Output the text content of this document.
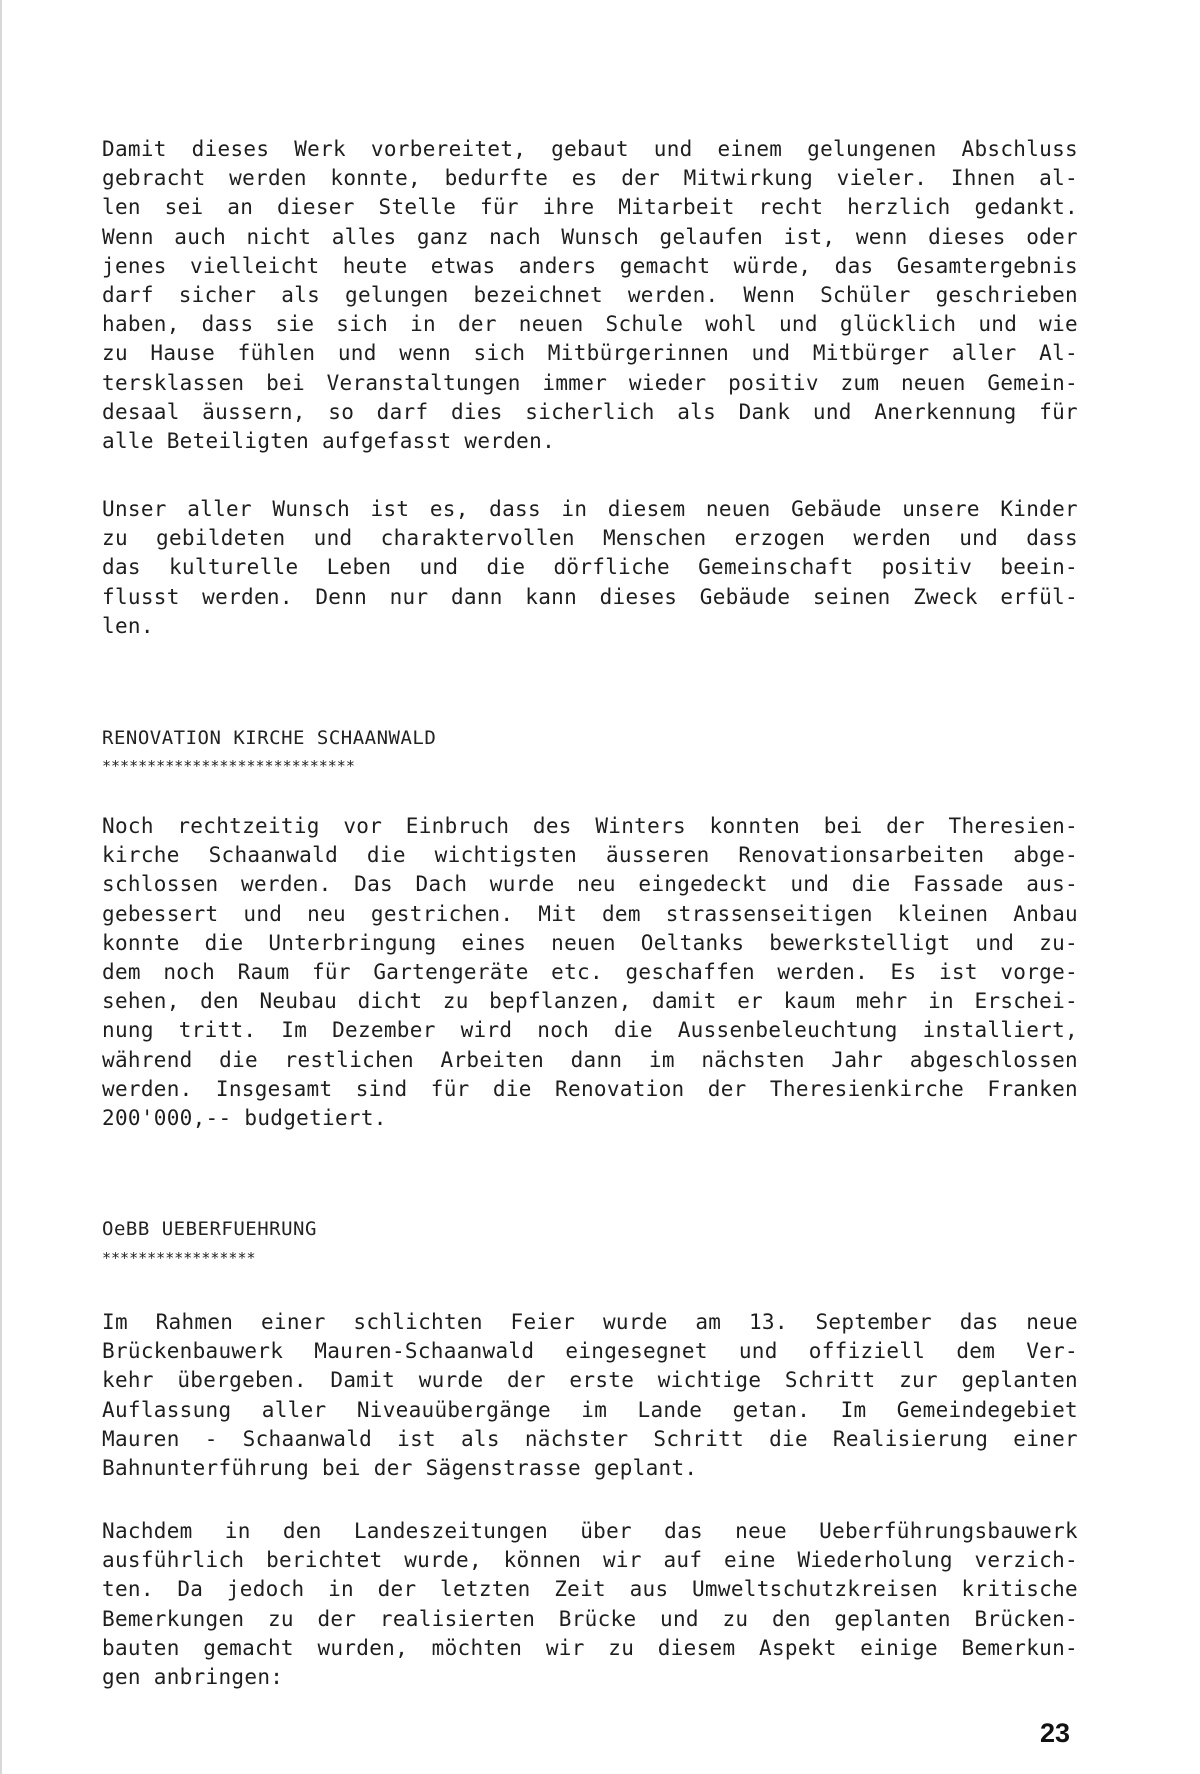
Damit dieses Werk vorbereitet, gebaut und einem gelungenen Abschluss
gebracht werden konnte, bedurfte es der Mitwirkung vieler. Ihnen al-
len sei an dieser Stelle für ihre Mitarbeit recht herzlich gedankt.
Wenn auch nicht alles ganz nach Wunsch gelaufen ist, wenn dieses oder
jenes vielleicht heute etwas anders gemacht würde, das Gesamtergebnis
darf sicher als gelungen bezeichnet werden. Wenn Schüler geschrieben
haben, dass sie sich in der neuen Schule wohl und glücklich und wie
zu Hause fühlen und wenn sich Mitbürgerinnen und Mitbürger aller Al-
tersklassen bei Veranstaltungen immer wieder positiv zum neuen Gemein-
desaal äussern, so darf dies sicherlich als Dank und Anerkennung für
alle Beteiligten aufgefasst werden.
Unser aller Wunsch ist es, dass in diesem neuen Gebäude unsere Kinder
zu gebildeten und charaktervollen Menschen erzogen werden und dass
das kulturelle Leben und die dörfliche Gemeinschaft positiv beein-
flusst werden. Denn nur dann kann dieses Gebäude seinen Zweck erfül-
len.
RENOVATION KIRCHE SCHAANWALD
****************************
Noch rechtzeitig vor Einbruch des Winters konnten bei der Theresien-
kirche Schaanwald die wichtigsten äusseren Renovationsarbeiten abge-
schlossen werden. Das Dach wurde neu eingedeckt und die Fassade aus-
gebessert und neu gestrichen. Mit dem strassenseitigen kleinen Anbau
konnte die Unterbringung eines neuen Oeltanks bewerkstelligt und zu-
dem noch Raum für Gartengeräte etc. geschaffen werden. Es ist vorge-
sehen, den Neubau dicht zu bepflanzen, damit er kaum mehr in Erschei-
nung tritt. Im Dezember wird noch die Aussenbeleuchtung installiert,
während die restlichen Arbeiten dann im nächsten Jahr abgeschlossen
werden. Insgesamt sind für die Renovation der Theresienkirche Franken
200'000,-- budgetiert.
OeBB UEBERFUEHRUNG
*****************
Im Rahmen einer schlichten Feier wurde am 13. September das neue
Brückenbauwerk Mauren-Schaanwald eingesegnet und offiziell dem Ver-
kehr übergeben. Damit wurde der erste wichtige Schritt zur geplanten
Auflassung aller Niveauübergänge im Lande getan. Im Gemeindegebiet
Mauren - Schaanwald ist als nächster Schritt die Realisierung einer
Bahnunterführung bei der Sägenstrasse geplant.
Nachdem in den Landeszeitungen über das neue Ueberführungsbauwerk
ausführlich berichtet wurde, können wir auf eine Wiederholung verzich-
ten. Da jedoch in der letzten Zeit aus Umweltschutzkreisen kritische
Bemerkungen zu der realisierten Brücke und zu den geplanten Brücken-
bauten gemacht wurden, möchten wir zu diesem Aspekt einige Bemerkun-
gen anbringen:
23
